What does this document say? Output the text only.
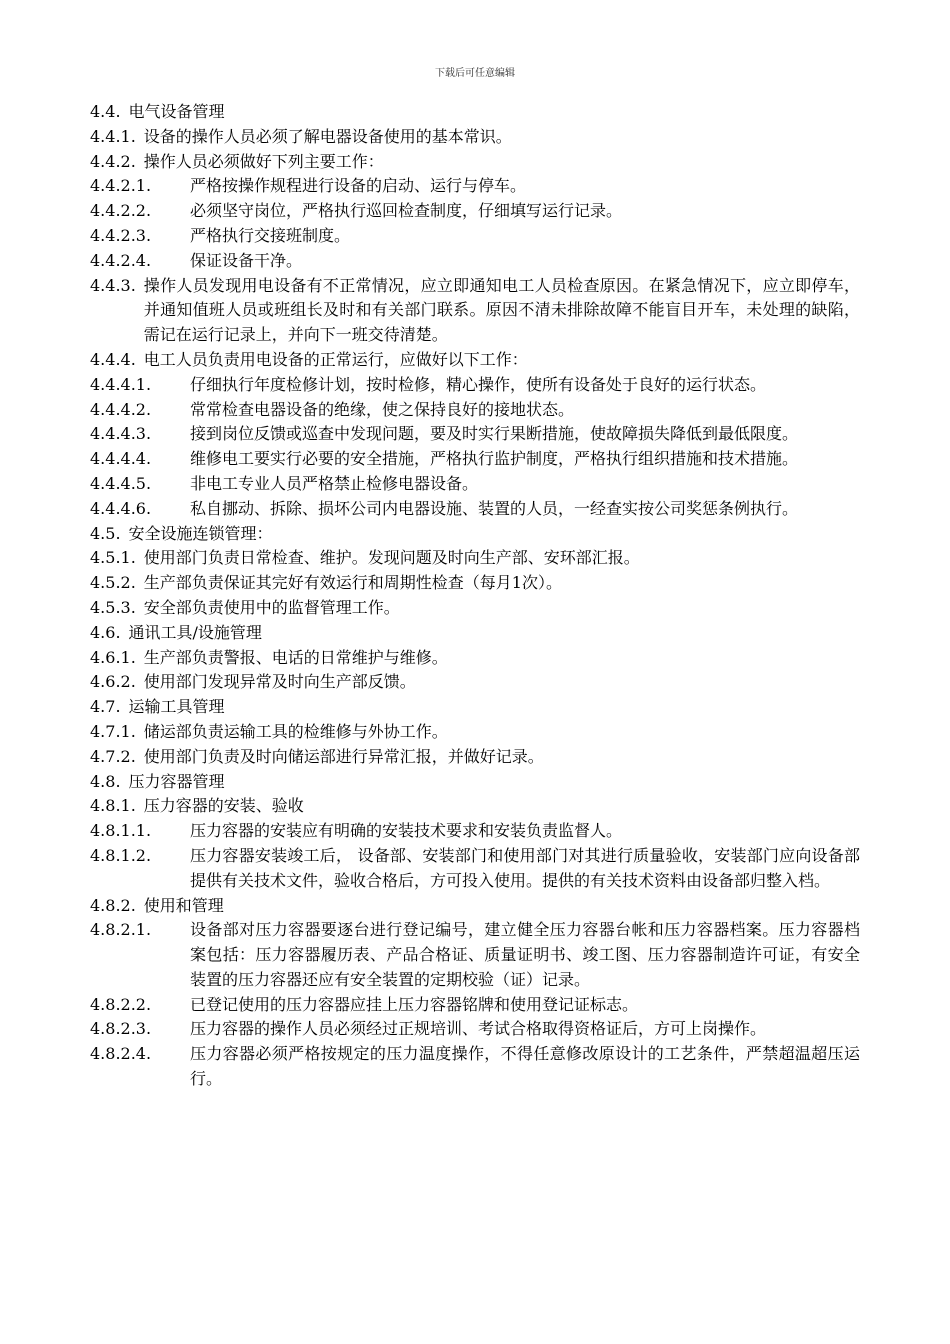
下载后可任意编辑
4.4. 电气设备管理
4.4.1. 设备的操作人员必须了解电器设备使用的基本常识。
4.4.2. 操作人员必须做好下列主要工作：
4.4.2.1.	严格按操作规程进行设备的启动、运行与停车。
4.4.2.2.	必须坚守岗位，严格执行巡回检查制度，仔细填写运行记录。
4.4.2.3.	严格执行交接班制度。
4.4.2.4.	保证设备干净。
4.4.3. 操作人员发现用电设备有不正常情况，应立即通知电工人员检查原因。在紧急情况下，应立即停车，并通知值班人员或班组长及时和有关部门联系。原因不清未排除故障不能盲目开车，未处理的缺陷，需记在运行记录上，并向下一班交待清楚。
4.4.4. 电工人员负责用电设备的正常运行，应做好以下工作：
4.4.4.1.	仔细执行年度检修计划，按时检修，精心操作，使所有设备处于良好的运行状态。
4.4.4.2.	常常检查电器设备的绝缘，使之保持良好的接地状态。
4.4.4.3.	接到岗位反馈或巡查中发现问题，要及时实行果断措施，使故障损失降低到最低限度。
4.4.4.4.	维修电工要实行必要的安全措施，严格执行监护制度，严格执行组织措施和技术措施。
4.4.4.5.	非电工专业人员严格禁止检修电器设备。
4.4.4.6.	私自挪动、拆除、损坏公司内电器设施、装置的人员，一经查实按公司奖惩条例执行。
4.5. 安全设施连锁管理：
4.5.1. 使用部门负责日常检查、维护。发现问题及时向生产部、安环部汇报。
4.5.2. 生产部负责保证其完好有效运行和周期性检查（每月1次）。
4.5.3. 安全部负责使用中的监督管理工作。
4.6. 通讯工具/设施管理
4.6.1. 生产部负责警报、电话的日常维护与维修。
4.6.2. 使用部门发现异常及时向生产部反馈。
4.7. 运输工具管理
4.7.1. 储运部负责运输工具的检维修与外协工作。
4.7.2. 使用部门负责及时向储运部进行异常汇报，并做好记录。
4.8. 压力容器管理
4.8.1. 压力容器的安装、验收
4.8.1.1.	压力容器的安装应有明确的安装技术要求和安装负责监督人。
4.8.1.2.	压力容器安装竣工后， 设备部、安装部门和使用部门对其进行质量验收，安装部门应向设备部提供有关技术文件，验收合格后，方可投入使用。提供的有关技术资料由设备部归整入档。
4.8.2. 使用和管理
4.8.2.1.	设备部对压力容器要逐台进行登记编号，建立健全压力容器台帐和压力容器档案。压力容器档案包括：压力容器履历表、产品合格证、质量证明书、竣工图、压力容器制造许可证，有安全装置的压力容器还应有安全装置的定期校验（证）记录。
4.8.2.2.	已登记使用的压力容器应挂上压力容器铭牌和使用登记证标志。
4.8.2.3.	压力容器的操作人员必须经过正规培训、考试合格取得资格证后，方可上岗操作。
4.8.2.4.	压力容器必须严格按规定的压力温度操作，不得任意修改原设计的工艺条件，严禁超温超压运行。
